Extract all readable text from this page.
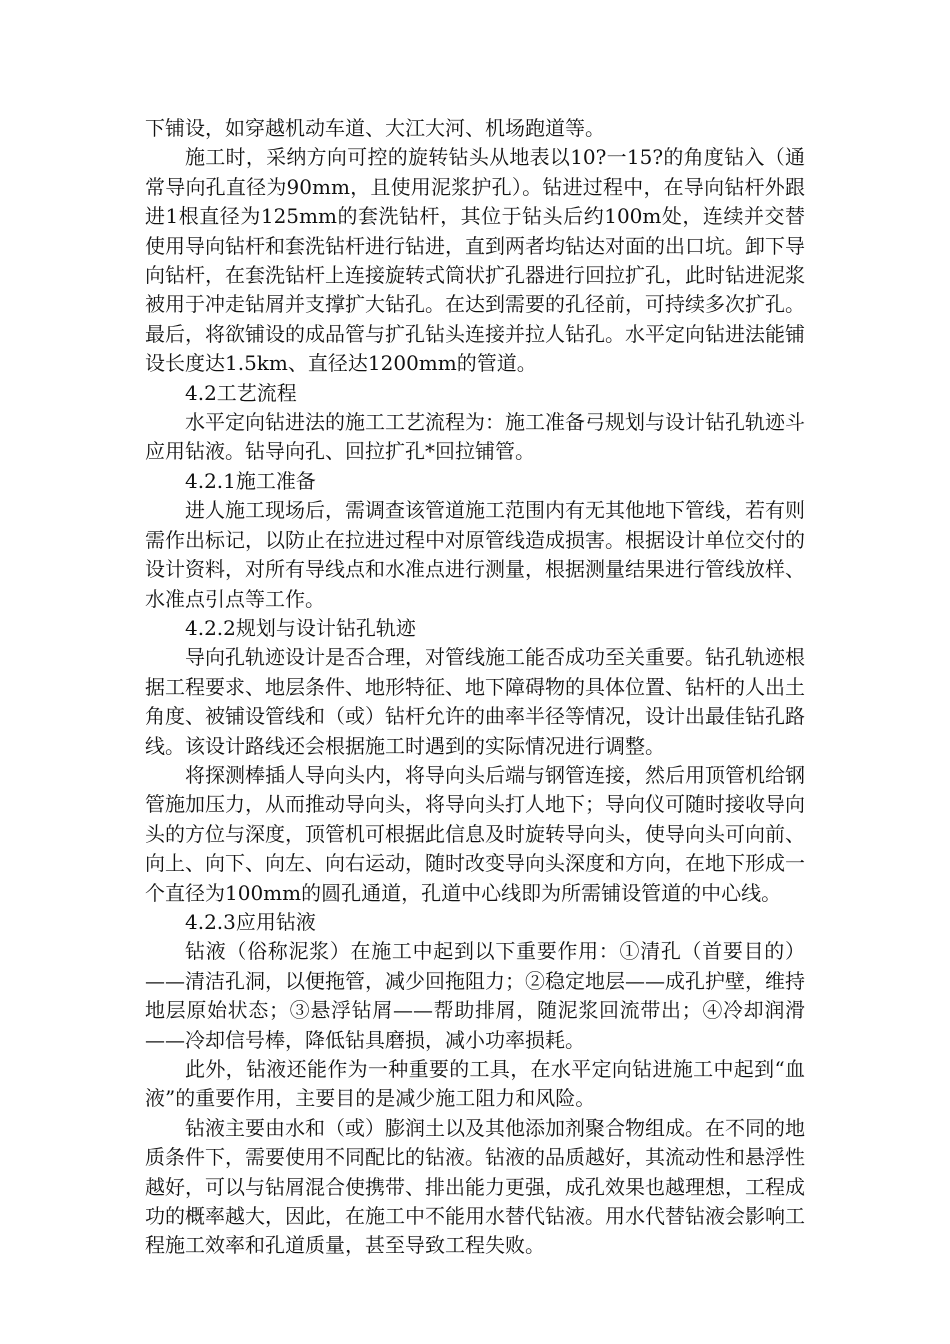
下铺设，如穿越机动车道、大江大河、机场跑道等。

施工时，采纳方向可控的旋转钻头从地表以10?一15?的角度钻入（通常导向孔直径为90mm，且使用泥浆护孔）。钻进过程中，在导向钻杆外跟进1根直径为125mm的套洗钻杆，其位于钻头后约100m处，连续并交替使用导向钻杆和套洗钻杆进行钻进，直到两者均钻达对面的出口坑。卸下导向钻杆，在套洗钻杆上连接旋转式筒状扩孔器进行回拉扩孔，此时钻进泥浆被用于冲走钻屑并支撑扩大钻孔。在达到需要的孔径前，可持续多次扩孔。最后，将欲铺设的成品管与扩孔钻头连接并拉人钻孔。水平定向钻进法能铺设长度达1.5km、直径达1200mm的管道。

4.2工艺流程

水平定向钻进法的施工工艺流程为：施工准备弓规划与设计钻孔轨迹斗应用钻液。钻导向孔、回拉扩孔*回拉铺管。

4.2.1施工准备

进人施工现场后，需调查该管道施工范围内有无其他地下管线，若有则需作出标记，以防止在拉进过程中对原管线造成损害。根据设计单位交付的设计资料，对所有导线点和水准点进行测量，根据测量结果进行管线放样、水准点引点等工作。

4.2.2规划与设计钻孔轨迹

导向孔轨迹设计是否合理，对管线施工能否成功至关重要。钻孔轨迹根据工程要求、地层条件、地形特征、地下障碍物的具体位置、钻杆的人出土角度、被铺设管线和（或）钻杆允许的曲率半径等情况，设计出最佳钻孔路线。该设计路线还会根据施工时遇到的实际情况进行调整。

将探测棒插人导向头内，将导向头后端与钢管连接，然后用顶管机给钢管施加压力，从而推动导向头，将导向头打人地下；导向仪可随时接收导向头的方位与深度，顶管机可根据此信息及时旋转导向头，使导向头可向前、向上、向下、向左、向右运动，随时改变导向头深度和方向，在地下形成一个直径为100mm的圆孔通道，孔道中心线即为所需铺设管道的中心线。

4.2.3应用钻液

钻液（俗称泥浆）在施工中起到以下重要作用：①清孔（首要目的）——清洁孔洞，以便拖管，减少回拖阻力；②稳定地层——成孔护壁，维持地层原始状态；③悬浮钻屑——帮助排屑，随泥浆回流带出；④冷却润滑——冷却信号棒，降低钻具磨损，减小功率损耗。

此外，钻液还能作为一种重要的工具，在水平定向钻进施工中起到“血液”的重要作用，主要目的是减少施工阻力和风险。

钻液主要由水和（或）膨润土以及其他添加剂聚合物组成。在不同的地质条件下，需要使用不同配比的钻液。钻液的品质越好，其流动性和悬浮性越好，可以与钻屑混合使携带、排出能力更强，成孔效果也越理想，工程成功的概率越大，因此，在施工中不能用水替代钻液。用水代替钻液会影响工程施工效率和孔道质量，甚至导致工程失败。
